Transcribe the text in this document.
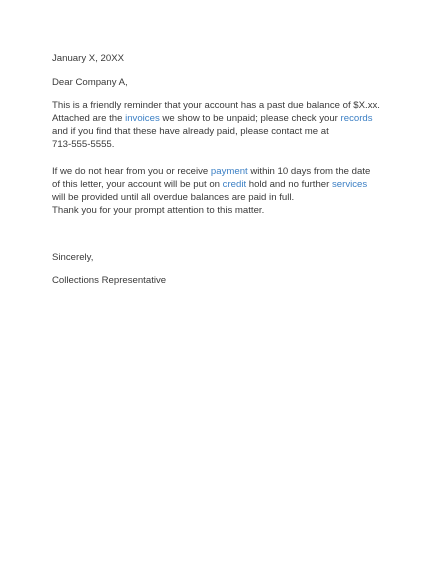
January X, 20XX
Dear Company A,
This is a friendly reminder that your account has a past due balance of $X.xx.
Attached are the invoices we show to be unpaid; please check your records
and if you find that these have already paid, please contact me at
713-555-5555.
If we do not hear from you or receive payment within 10 days from the date
of this letter, your account will be put on credit hold and no further services
will be provided until all overdue balances are paid in full.
Thank you for your prompt attention to this matter.
Sincerely,
Collections Representative
